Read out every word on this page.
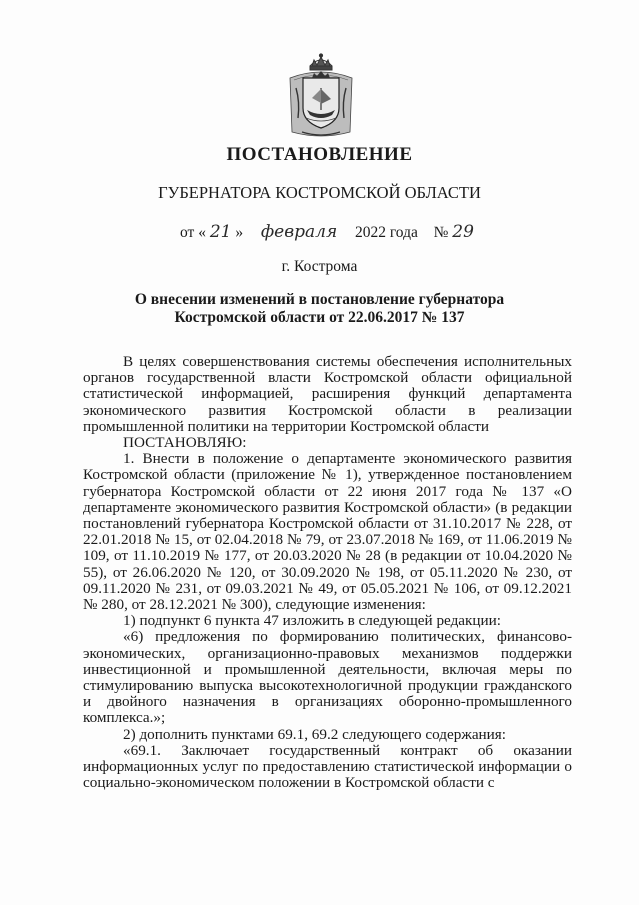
ПОСТАНОВЛЕНИЕ
ГУБЕРНАТОРА КОСТРОМСКОЙ ОБЛАСТИ
от « 21 » февраля 2022 года № 29
г. Кострома
О внесении изменений в постановление губернатора
Костромской области от 22.06.2017 № 137

В целях совершенствования системы обеспечения исполнительных органов государственной власти Костромской области официальной статистической информацией, расширения функций департамента экономического развития Костромской области в реализации промышленной политики на территории Костромской области

ПОСТАНОВЛЯЮ:

1. Внести в положение о департаменте экономического развития Костромской области (приложение № 1), утвержденное постановлением губернатора Костромской области от 22 июня 2017 года № 137 «О департаменте экономического развития Костромской области» (в редакции постановлений губернатора Костромской области от 31.10.2017 № 228, от 22.01.2018 № 15, от 02.04.2018 № 79, от 23.07.2018 № 169, от 11.06.2019 № 109, от 11.10.2019 № 177, от 20.03.2020 № 28 (в редакции от 10.04.2020 № 55), от 26.06.2020 № 120, от 30.09.2020 № 198, от 05.11.2020 № 230, от 09.11.2020 № 231, от 09.03.2021 № 49, от 05.05.2021 № 106, от 09.12.2021 № 280, от 28.12.2021 № 300), следующие изменения:

1) подпункт 6 пункта 47 изложить в следующей редакции:

«6) предложения по формированию политических, финансово-экономических, организационно-правовых механизмов поддержки инвестиционной и промышленной деятельности, включая меры по стимулированию выпуска высокотехнологичной продукции гражданского и двойного назначения в организациях оборонно-промышленного комплекса.»;

2) дополнить пунктами 69.1, 69.2 следующего содержания:

«69.1. Заключает государственный контракт об оказании информационных услуг по предоставлению статистической информации о социально-экономическом положении в Костромской области с
